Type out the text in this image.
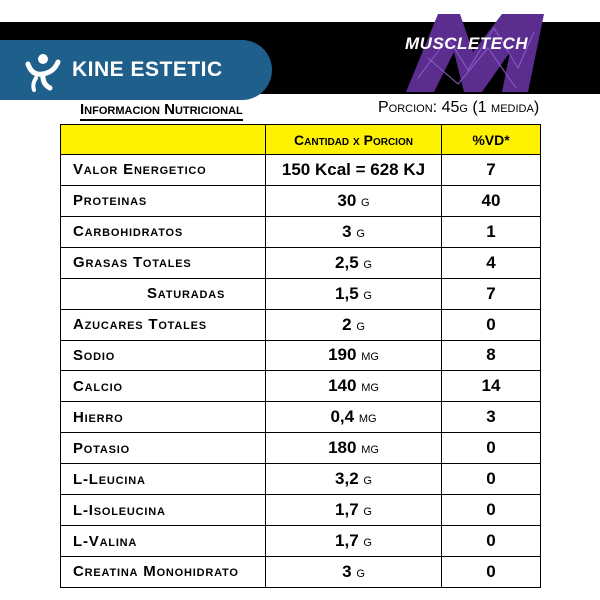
KINE ESTETIC
MUSCLETECH
Informacion Nutricional	Porcion: 45g (1 medida)
	Cantidad x Porcion	%VD*
Valor Energetico	150 Kcal = 628 KJ	7
Proteinas	30 g	40
Carbohidratos	3 g	1
Grasas Totales	2,5 g	4
Saturadas	1,5 g	7
Azucares Totales	2 g	0
Sodio	190 mg	8
Calcio	140 mg	14
Hierro	0,4 mg	3
Potasio	180 mg	0
L-Leucina	3,2 g	0
L-Isoleucina	1,7 g	0
L-Valina	1,7 g	0
Creatina Monohidrato	3 g	0
